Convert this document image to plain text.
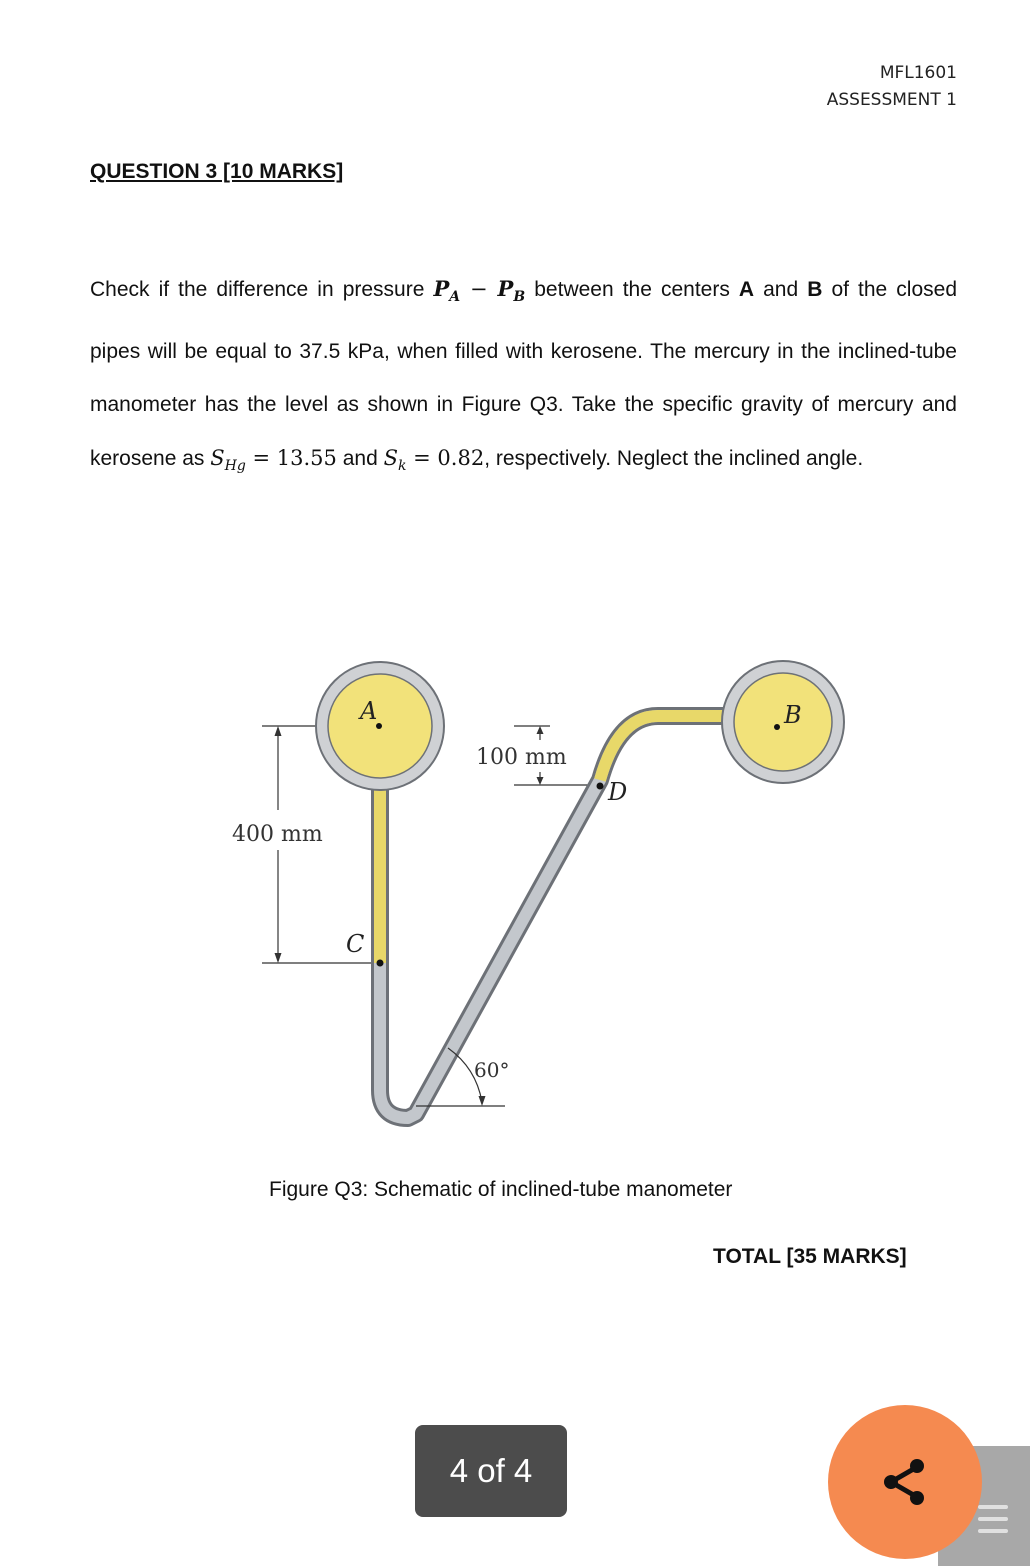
MFL1601
ASSESSMENT 1
QUESTION 3 [10 MARKS]
Check if the difference in pressure $P_A - P_B$ between the centers A and B of the closed pipes will be equal to 37.5 kPa, when filled with kerosene. The mercury in the inclined-tube manometer has the level as shown in Figure Q3. Take the specific gravity of mercury and kerosene as $S_{Hg} = 13.55$ and $S_k = 0.82$, respectively. Neglect the inclined angle.
400 mm
100 mm
A	B
C
D
60°
Figure Q3: Schematic of inclined-tube manometer
TOTAL [35 MARKS]
4 of 4
